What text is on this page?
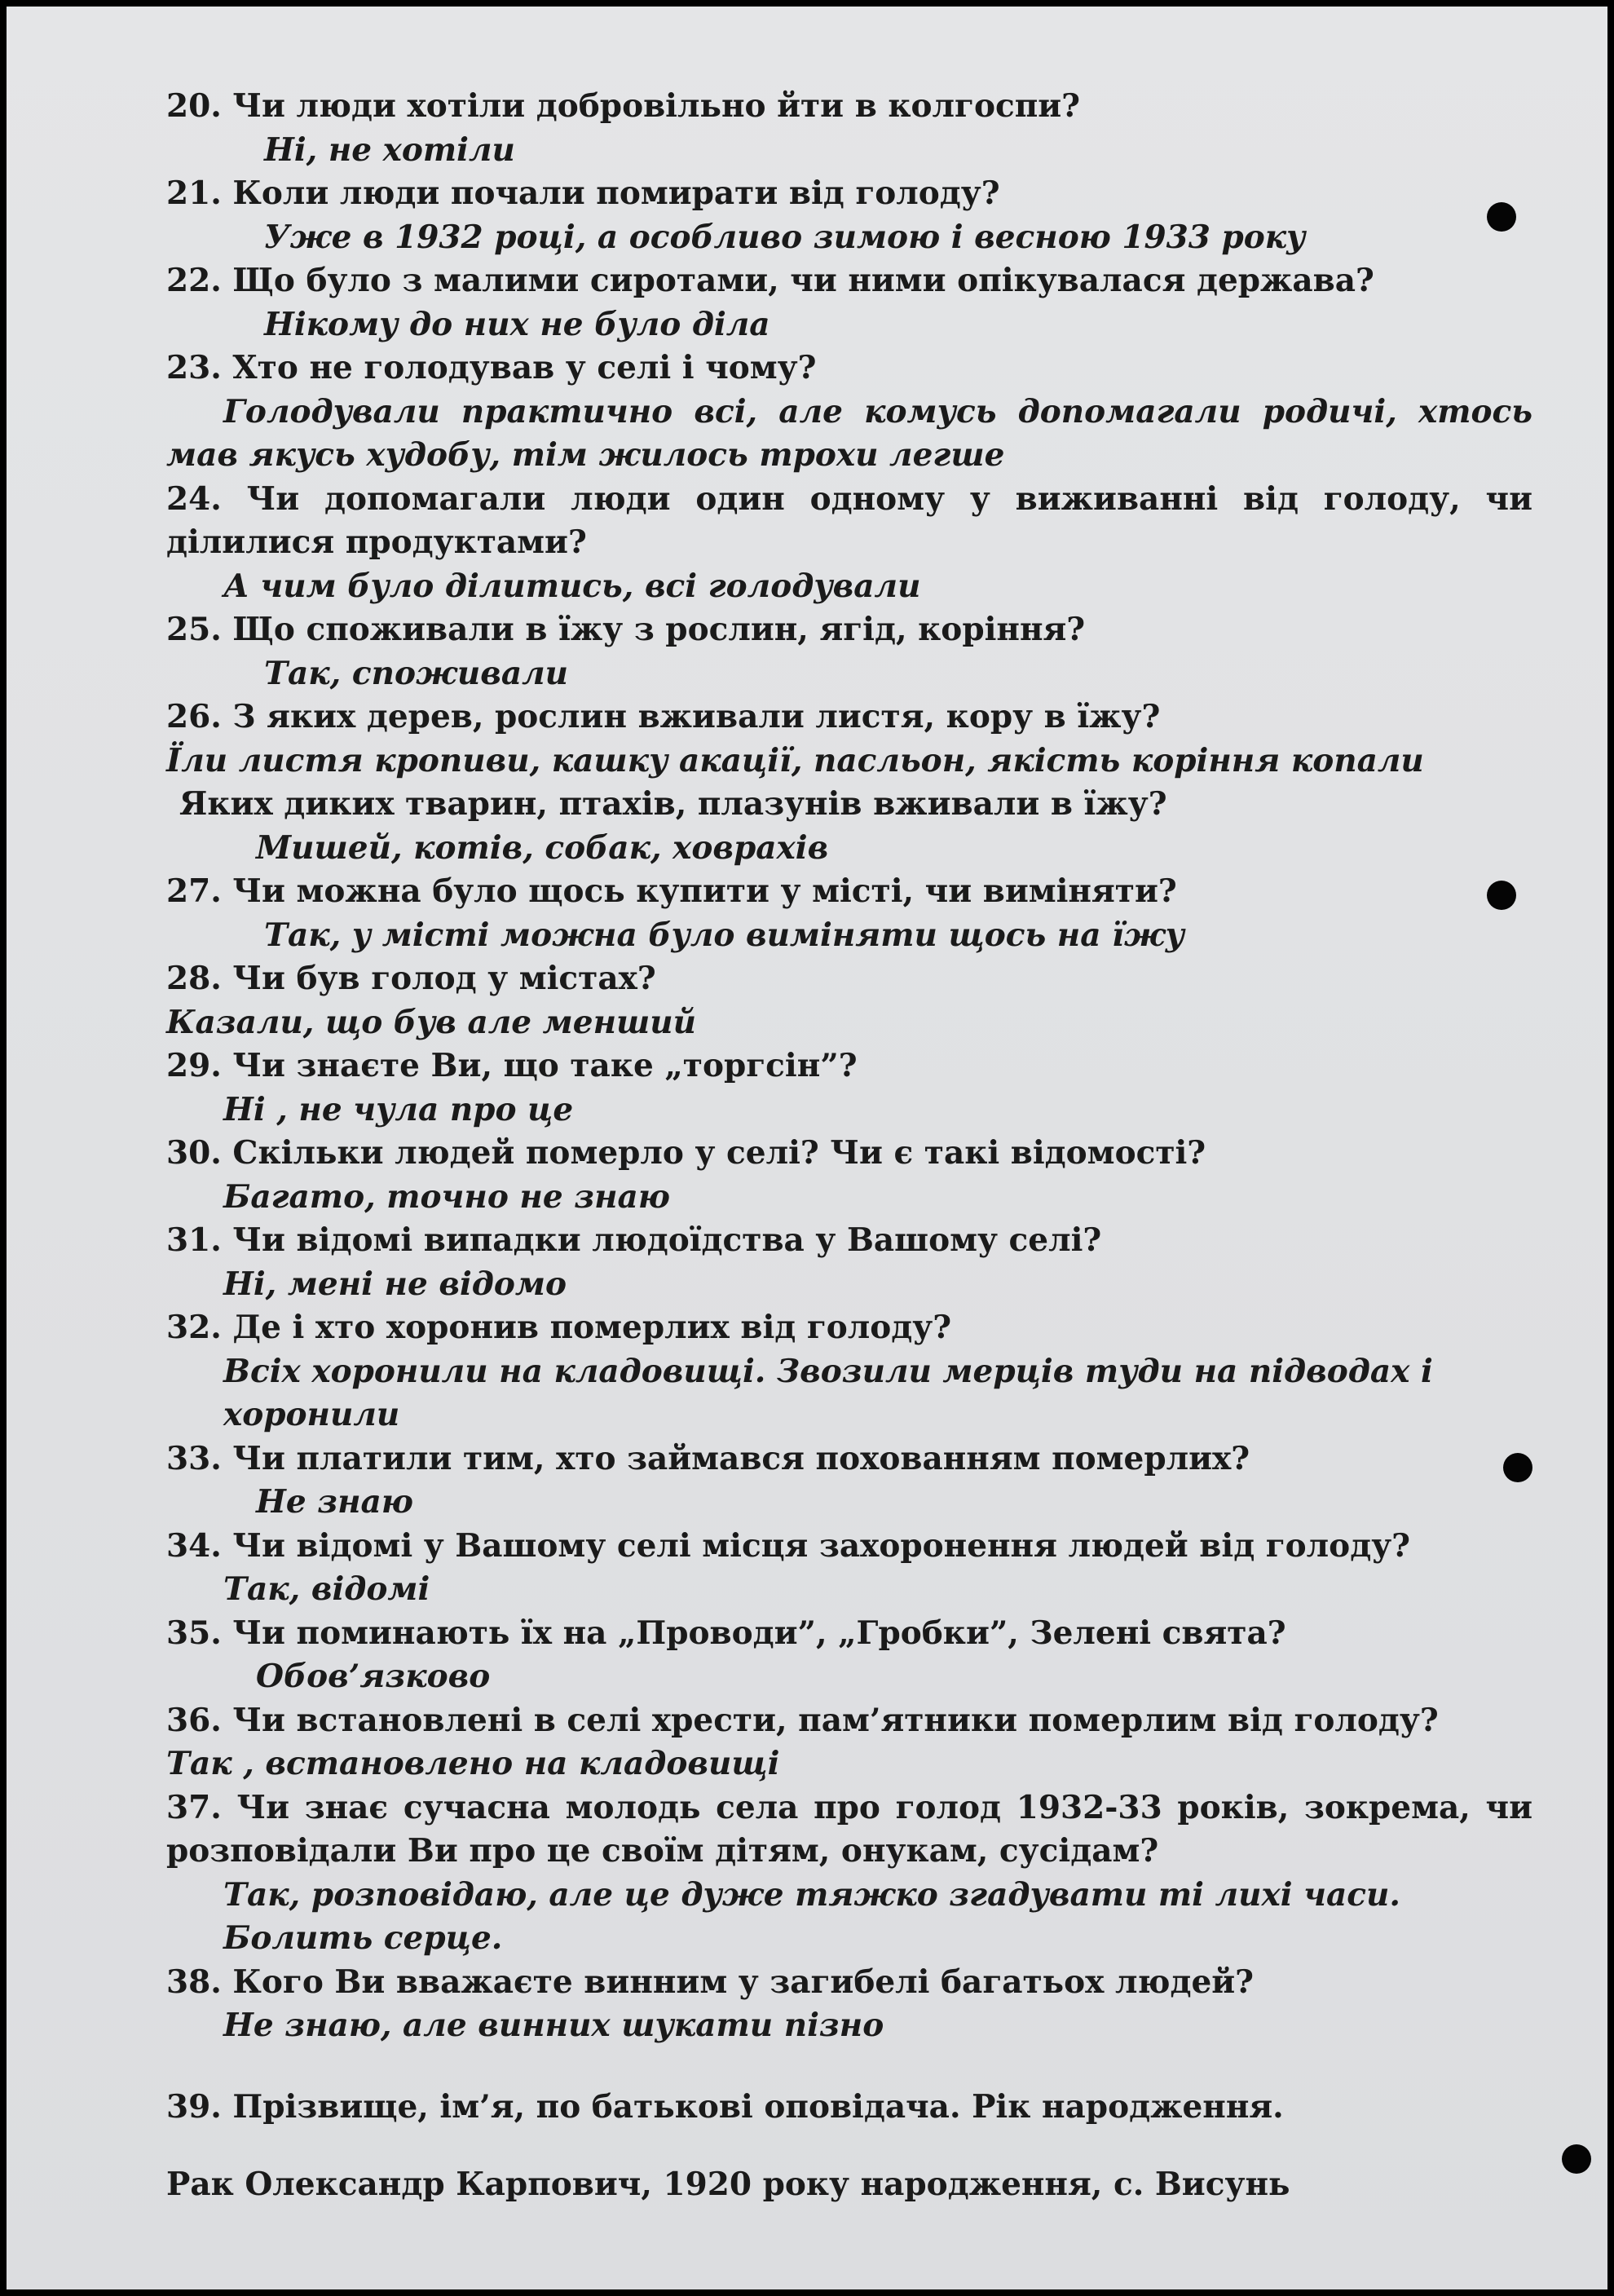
20. Чи люди хотіли добровільно йти в колгоспи?
Ні, не хотіли
21. Коли люди почали помирати від голоду?
Уже в 1932 році, а особливо зимою і весною 1933 року
22. Що було з малими сиротами, чи ними опікувалася держава?
Нікому до них не було діла
23. Хто не голодував у селі і чому?
Голодували практично всі, але комусь допомагали родичі, хтось мав якусь худобу, тім жилось трохи легше
24. Чи допомагали люди один одному у виживанні від голоду, чи ділилися продуктами?
А чим було ділитись, всі голодували
25. Що споживали в їжу з рослин, ягід, коріння?
Так, споживали
26. З яких дерев, рослин вживали листя, кору в їжу?
Їли листя кропиви, кашку акації, пасльон, якість коріння копали
Яких диких тварин, птахів, плазунів вживали в їжу?
Мишей, котів, собак, ховрахів
27. Чи можна було щось купити у місті, чи виміняти?
Так, у місті можна було виміняти щось на їжу
28. Чи був голод у містах?
Казали, що був але менший
29. Чи знаєте Ви, що таке „торгсін”?
Ні , не чула про це
30. Скільки людей померло у селі? Чи є такі відомості?
Багато, точно не знаю
31. Чи відомі випадки людоїдства у Вашому селі?
Ні, мені не відомо
32. Де і хто хоронив померлих від голоду?
Всіх хоронили на кладовищі. Звозили мерців туди на підводах і хоронили
33. Чи платили тим, хто займався похованням померлих?
Не знаю
34. Чи відомі у Вашому селі місця захоронення людей від голоду?
Так, відомі
35. Чи поминають їх на „Проводи”, „Гробки”, Зелені свята?
Обов’язково
36. Чи встановлені в селі хрести, пам’ятники померлим від голоду?
Так , встановлено на кладовищі
37. Чи знає сучасна молодь села про голод 1932-33 років, зокрема, чи розповідали Ви про це своїм дітям, онукам, сусідам?
Так, розповідаю, але це дуже тяжко згадувати ті лихі часи. Болить серце.
38. Кого Ви вважаєте винним у загибелі багатьох людей?
Не знаю, але винних шукати пізно
39. Прізвище, ім’я, по батькові оповідача. Рік народження.
Рак Олександр Карпович, 1920 року народження, с. Висунь
